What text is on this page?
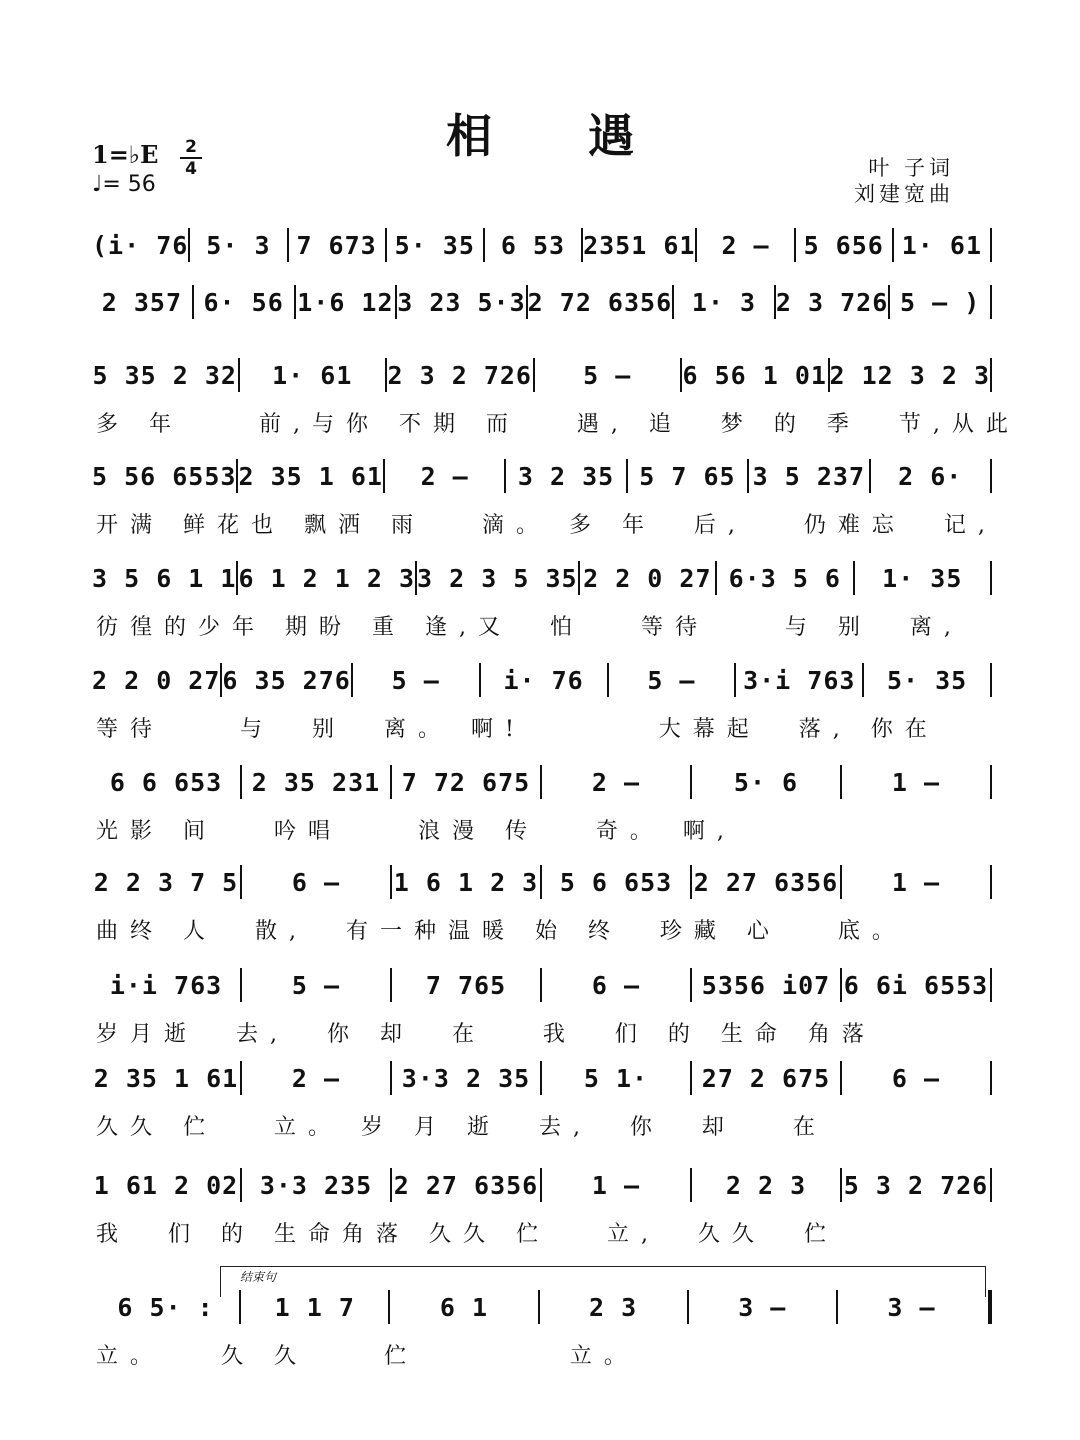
相 遇
1=♭E	2
4
♩= 56
叶 子词
刘建宽曲
(i· 76 5· 3	7 673 5· 35	6 53 2351 61	2 –	5 656 1· 61
2 357 6· 56 1·6 12 3 23 5·3 2 72 6356 1· 3 2 3 726 5 – )
5 35 2 32	1· 61	2 3 2 726	5 –	6 56 1 01 2 12 3 2 3
多 年    前,与你 不期 而   遇, 追  梦 的 季  节,从此
5 56 6553 2 35 1 61	2 –	3 2 35	5 7 65 3 5 237	2 6·
开满 鲜花也 飘洒 雨   滴。 多 年  后,   仍难忘  记,
3 5 6 1 1 6 1 2 1 2 3 3 2 3 5 35 2 2 0 27 6·3 5 6	1· 35
彷徨的少年 期盼 重 逢,又  怕   等待    与 别  离,
2 2 0 27 6 35 276	5 –	i· 76	5 –	3·i 763	5· 35
等待    与  别  离。 啊!       大幕起  落, 你在
6 6 653	2 35 231 7 72 675	2 –	5· 6	1 –
光影 间   吟唱    浪漫 传   奇。 啊,
2 2 3 7 5	6 –	1 6 1 2 3 5 6 653 2 27 6356	1 –
曲终 人  散,  有一种温暖 始 终  珍藏 心   底。
i·i 763	5 –	7 765	6 –	5356 i07 6 6i 6553
岁月逝  去,  你 却  在   我  们 的 生命 角落
2 35 1 61	2 –	3·3 2 35	5 1·	27 2 675	6 –
久久 伫   立。 岁 月 逝  去,  你  却   在
1 61 2 02 3·3 235 2 27 6356	1 –	2 2 3	5 3 2 726
我  们 的 生命角落 久久 伫   立,  久久  伫
6 5· :	1 1 7	6 1	2 3	3 –	3 –
立。   久 久    伫        立。
结束句
